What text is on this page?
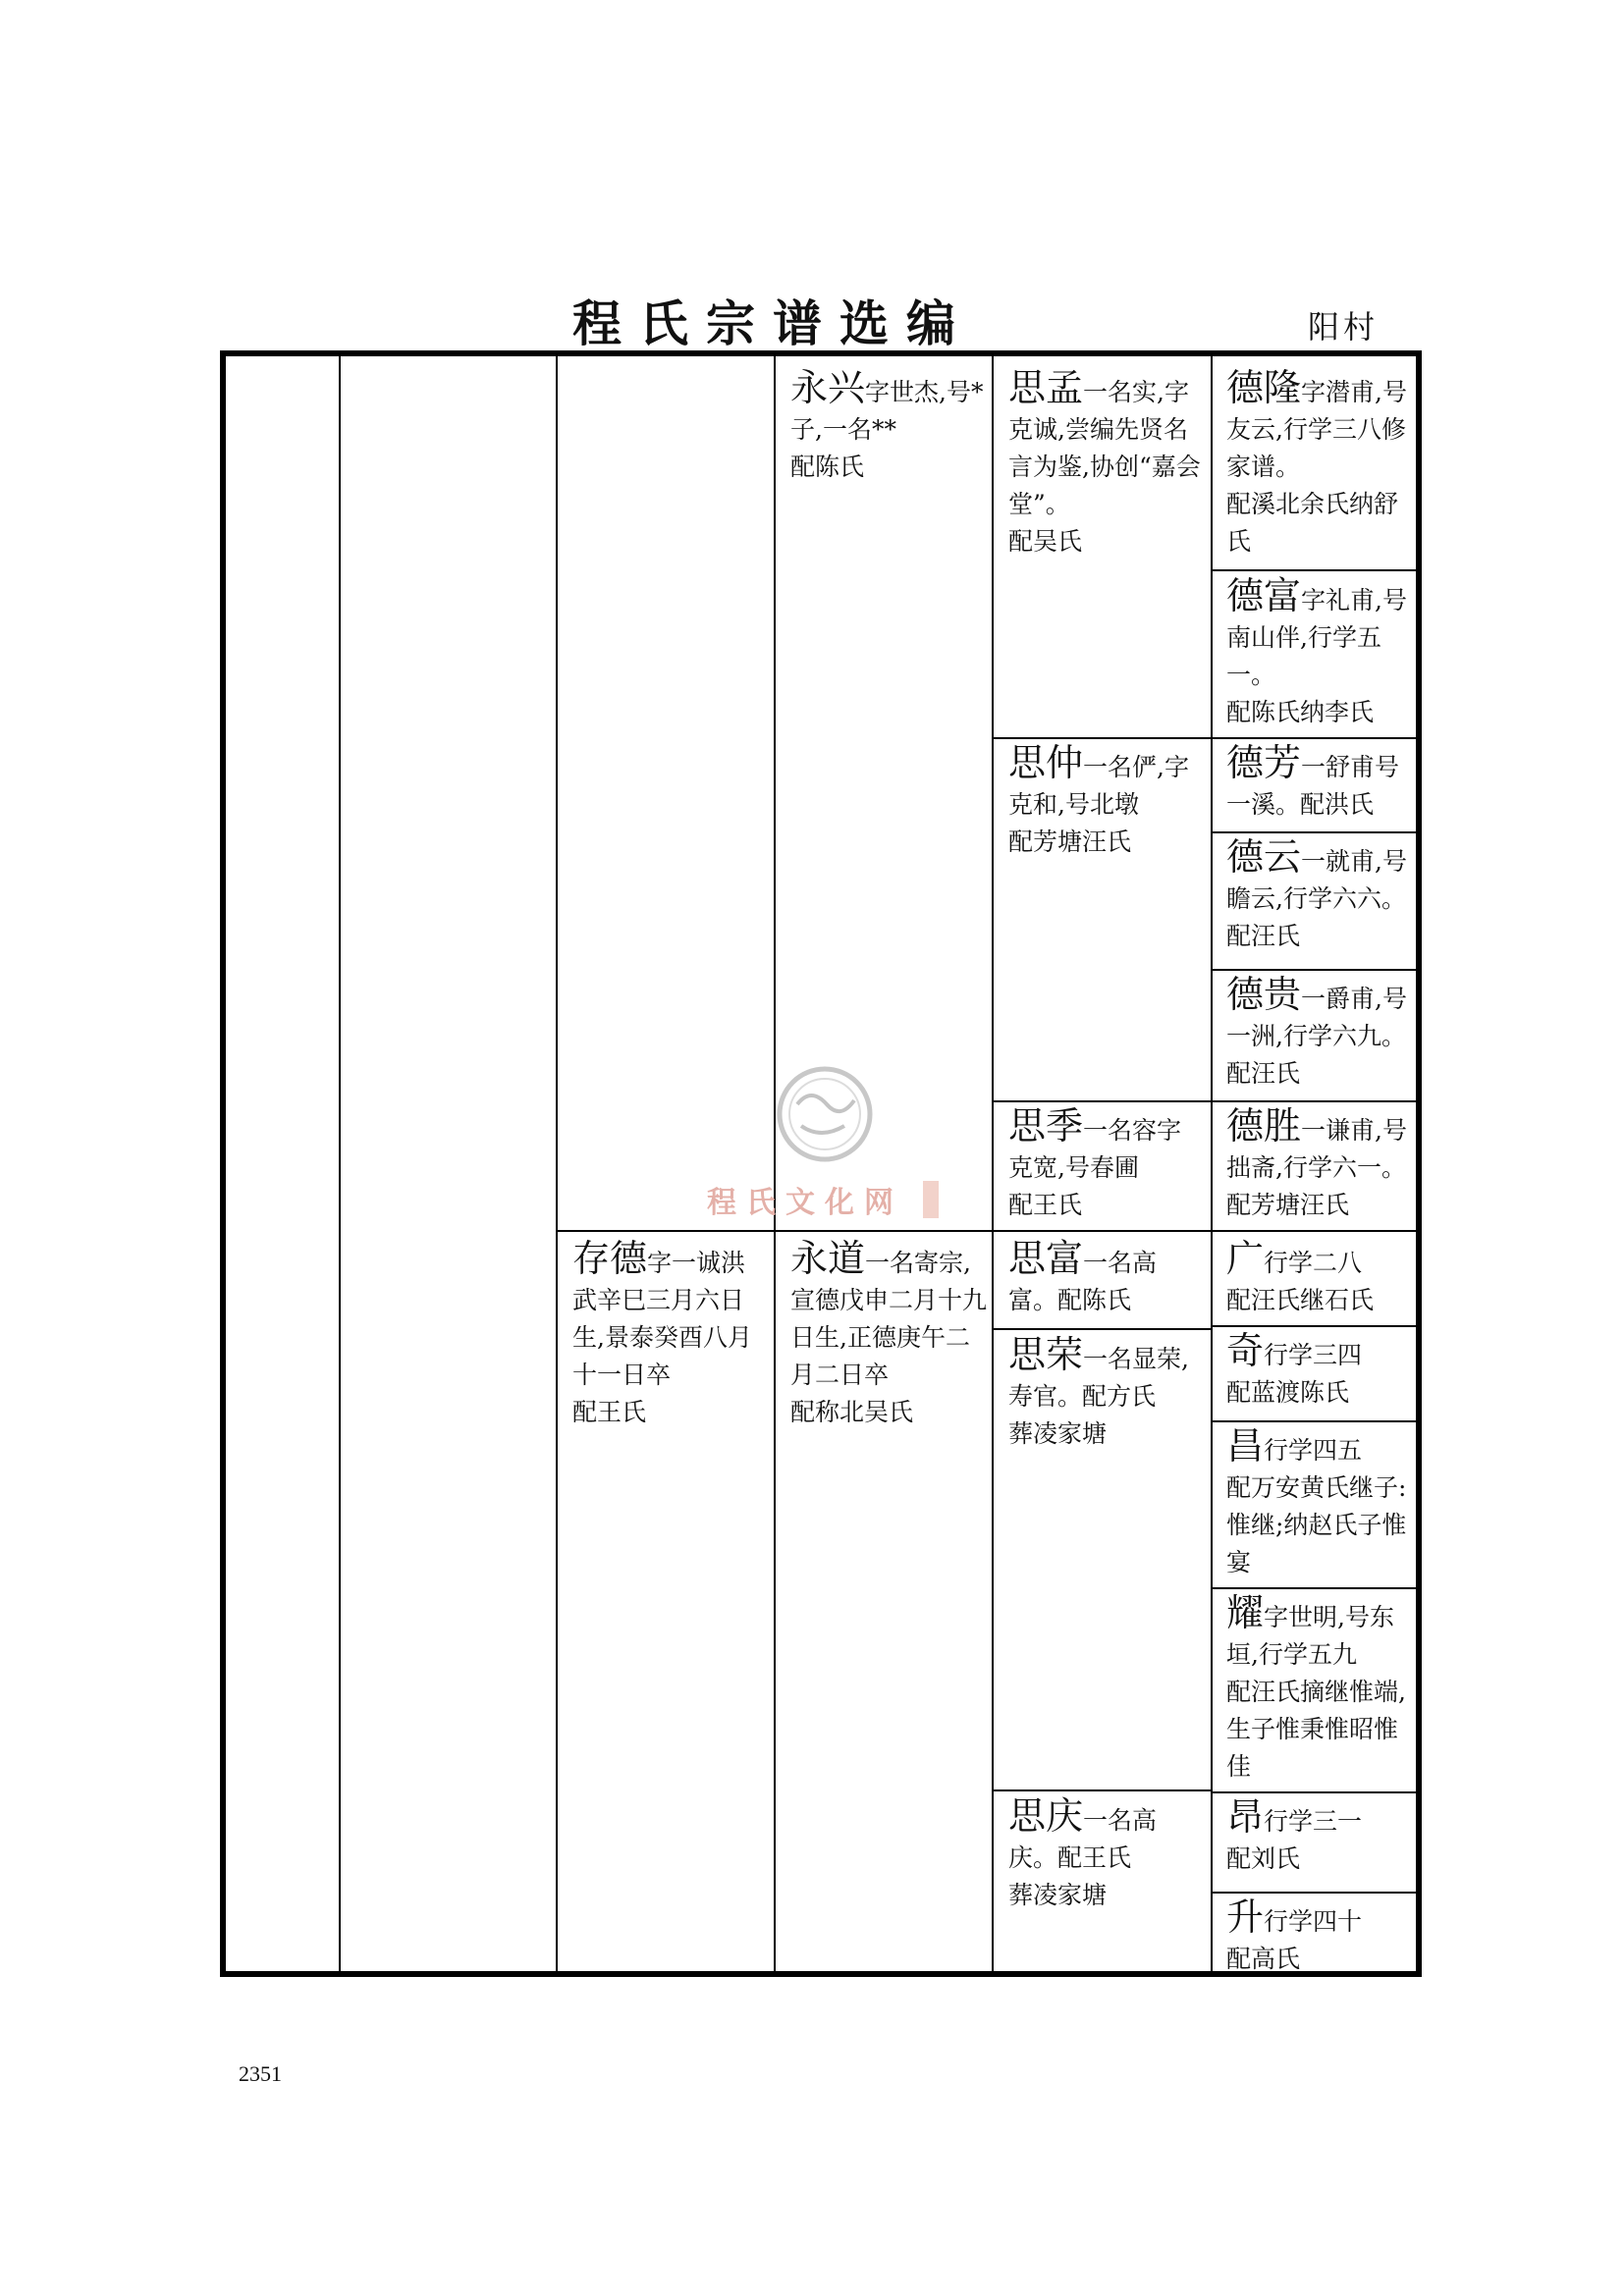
程氏宗谱选编	阳村
存德字一诚洪武辛巳三月六日生,景泰癸酉八月十一日卒
配王氏
永兴字世杰,号*子,一名**
配陈氏
永道一名寄宗,宣德戊申二月十九日生,正德庚午二月二日卒
配称北吴氏
思孟一名实,字克诚,尝编先贤名言为鉴,协创“嘉会堂”。
配吴氏
思仲一名俨,字克和,号北墩
配芳塘汪氏
思季一名容字克宽,号春圃
配王氏
思富一名高富。配陈氏
思荣一名显荣,寿官。配方氏
葬凌家塘
思庆一名高庆。配王氏
葬凌家塘
德隆字潜甫,号友云,行学三八修家谱。
配溪北余氏纳舒氏
德富字礼甫,号南山伴,行学五一。
配陈氏纳李氏
德芳一舒甫号一溪。配洪氏
德云一就甫,号瞻云,行学六六。配汪氏
德贵一爵甫,号一洲,行学六九。配汪氏
德胜一谦甫,号拙斋,行学六一。配芳塘汪氏
广行学二八
配汪氏继石氏
奇行学三四
配蓝渡陈氏
昌行学四五
配万安黄氏继子:惟继;纳赵氏子惟宴
耀字世明,号东垣,行学五九
配汪氏摘继惟端,生子惟秉惟昭惟佳
昂行学三一
配刘氏
升行学四十
配高氏
程氏文化网
2351
